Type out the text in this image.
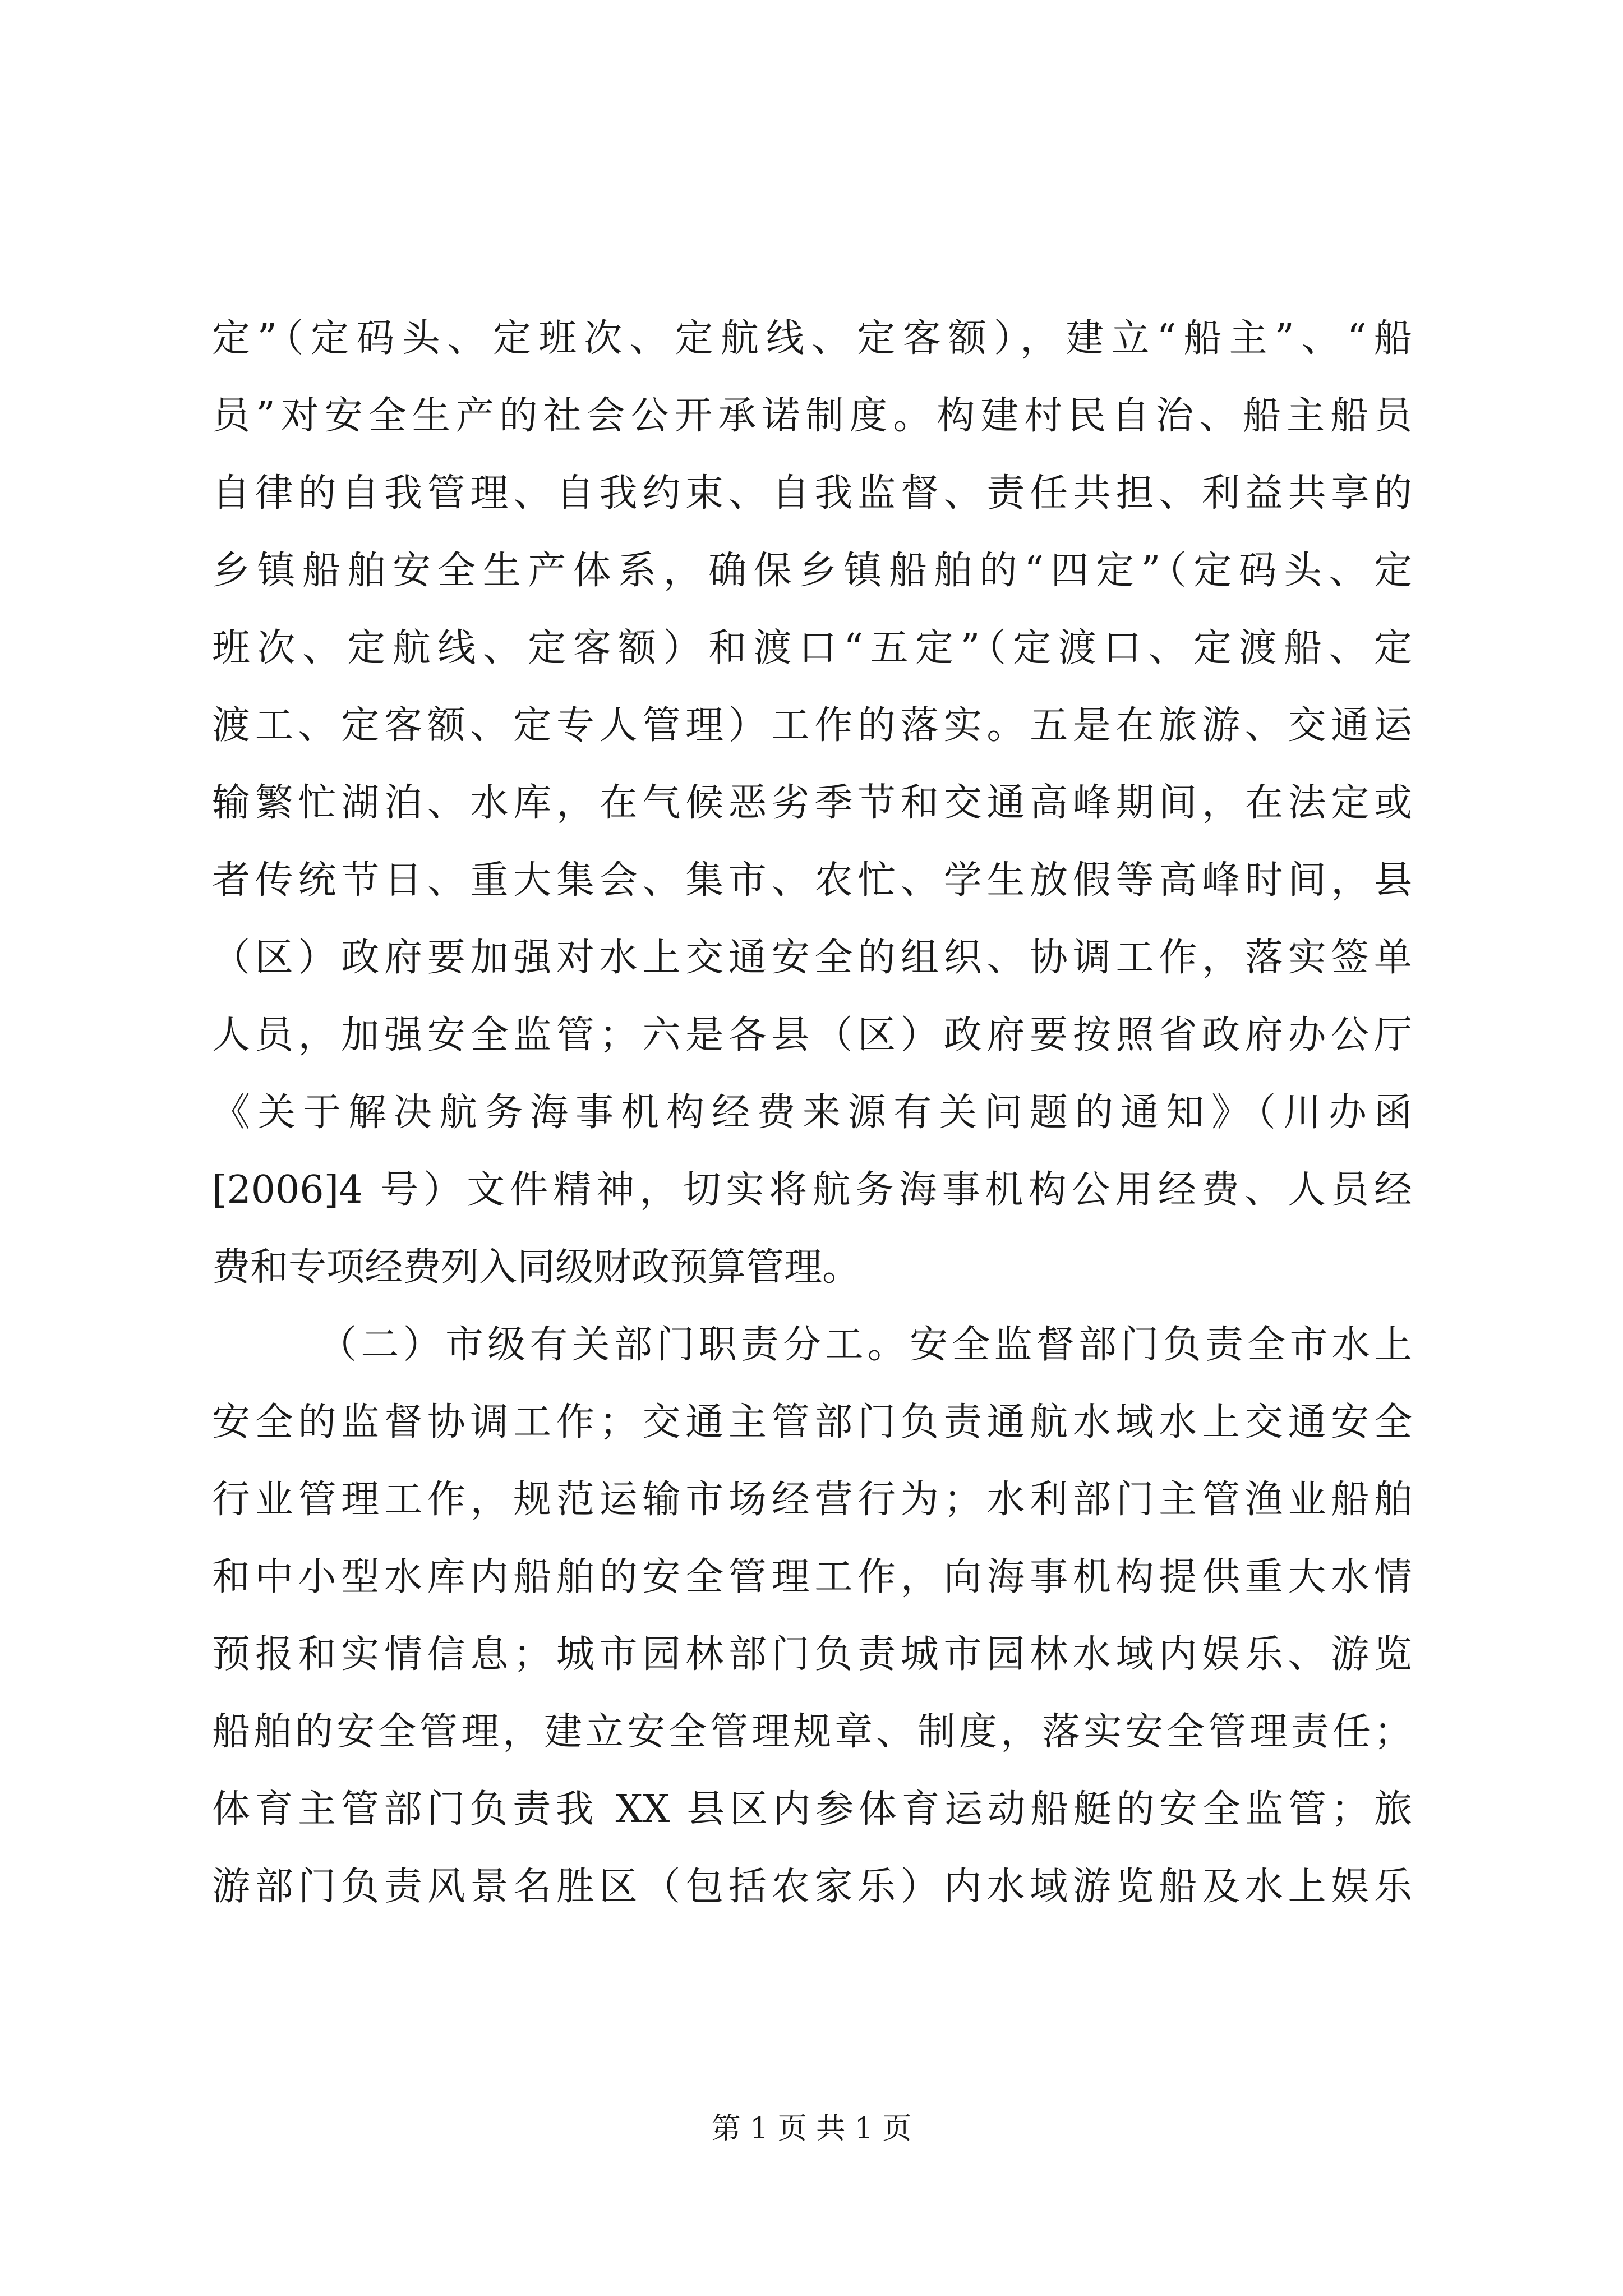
定”（定码头、定班次、定航线、定客额），建立“船主”、“船
员”对安全生产的社会公开承诺制度。构建村民自治、船主船员
自律的自我管理、自我约束、自我监督、责任共担、利益共享的
乡镇船舶安全生产体系，确保乡镇船舶的“四定”（定码头、定
班次、定航线、定客额）和渡口“五定”（定渡口、定渡船、定
渡工、定客额、定专人管理）工作的落实。五是在旅游、交通运
输繁忙湖泊、水库，在气候恶劣季节和交通高峰期间，在法定或
者传统节日、重大集会、集市、农忙、学生放假等高峰时间，县
（区）政府要加强对水上交通安全的组织、协调工作，落实签单
人员，加强安全监管；六是各县（区）政府要按照省政府办公厅
《关于解决航务海事机构经费来源有关问题的通知》（川办函
[2006]4 号）文件精神，切实将航务海事机构公用经费、人员经
费和专项经费列入同级财政预算管理。
（二）市级有关部门职责分工。安全监督部门负责全市水上
安全的监督协调工作；交通主管部门负责通航水域水上交通安全
行业管理工作，规范运输市场经营行为；水利部门主管渔业船舶
和中小型水库内船舶的安全管理工作，向海事机构提供重大水情
预报和实情信息；城市园林部门负责城市园林水域内娱乐、游览
船舶的安全管理，建立安全管理规章、制度，落实安全管理责任；
体育主管部门负责我 XX 县区内参体育运动船艇的安全监管；旅
游部门负责风景名胜区（包括农家乐）内水域游览船及水上娱乐
第 1 页 共 1 页
